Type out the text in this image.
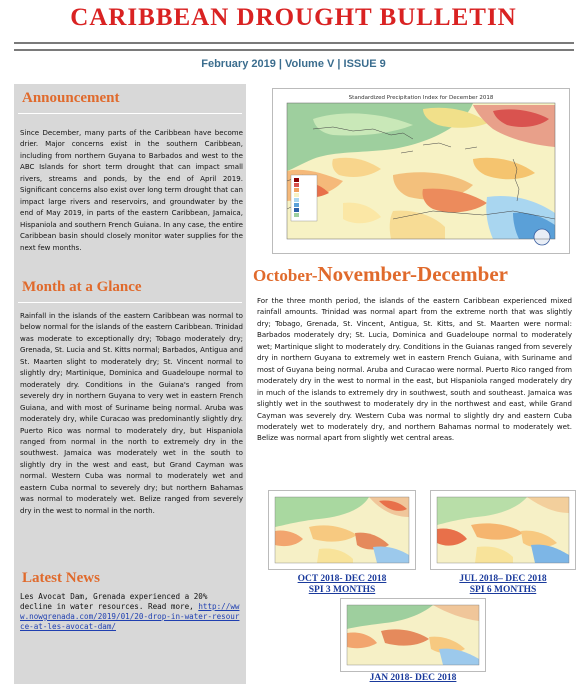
CARIBBEAN DROUGHT BULLETIN
February 2019 | Volume V | ISSUE 9
Announcement

Since December, many parts of the Caribbean have become drier. Major concerns exist in the southern Caribbean, including from northern Guyana to Barbados and west to the ABC Islands for short term drought that can impact small rivers, streams and ponds, by the end of April 2019. Significant concerns also exist over long term drought that can impact large rivers and reservoirs, and groundwater by the end of May 2019, in parts of the eastern Caribbean, Jamaica, Hispaniola and southern French Guiana. In any case, the entire Caribbean basin should closely monitor water supplies for the next few months.

Month at a Glance

Rainfall in the islands of the eastern Caribbean was normal to below normal for the islands of the eastern Caribbean. Trinidad was moderate to exceptionally dry; Tobago moderately dry; Grenada, St. Lucia and St. Kitts normal; Barbados, Antigua and St. Maarten slight to moderately dry; St. Vincent normal to slightly dry; Martinique, Dominica and Guadeloupe normal to moderately dry. Conditions in the Guiana's ranged from severely dry in northern Guyana to very wet in eastern French Guiana, and with most of Suriname being normal. Aruba was moderately dry, while Curacao was predominantly slightly dry. Puerto Rico was normal to moderately dry, but Hispaniola ranged from normal in the north to extremely dry in the southwest. Jamaica was moderately wet in the south to slightly dry in the west and east, but Grand Cayman was normal. Western Cuba was normal to moderately wet and eastern Cuba normal to severely dry; but northern Bahamas was normal to moderately wet. Belize ranged from severely dry in the west to normal in the north.

Latest News

Les Avocat Dam, Grenada experienced a 20% decline in water resources. Read more, http://www.nowgrenada.com/2019/01/20-drop-in-water-resource-at-les-avocat-dam/

Standardized Precipitation Index for December 2018
October-November-December

For the three month period, the islands of the eastern Caribbean experienced mixed rainfall amounts. Trinidad was normal apart from the extreme north that was slightly dry; Tobago, Grenada, St. Vincent, Antigua, St. Kitts, and St. Maarten were normal: Barbados moderately dry; St. Lucia, Dominica and Guadeloupe normal to moderately wet; Martinique slight to moderately dry. Conditions in the Guianas ranged from severely dry in northern Guyana to extremely wet in eastern French Guiana, with Suriname and most of Guyana being normal. Aruba and Curacao were normal. Puerto Rico ranged from moderately dry in the west to normal in the east, but Hispaniola ranged moderately dry in much of the islands to extremely dry in southwest, south and southeast. Jamaica was slightly wet in the southwest to moderately dry in the northwest and east, while Grand Cayman was severely dry. Western Cuba was normal to slightly dry and eastern Cuba moderately wet to moderately dry, and northern Bahamas normal to moderately wet. Belize was normal apart from slightly wet central areas.

OCT 2018- DEC 2018
SPI 3 MONTHS
JUL 2018– DEC 2018
SPI 6 MONTHS
JAN 2018- DEC 2018
